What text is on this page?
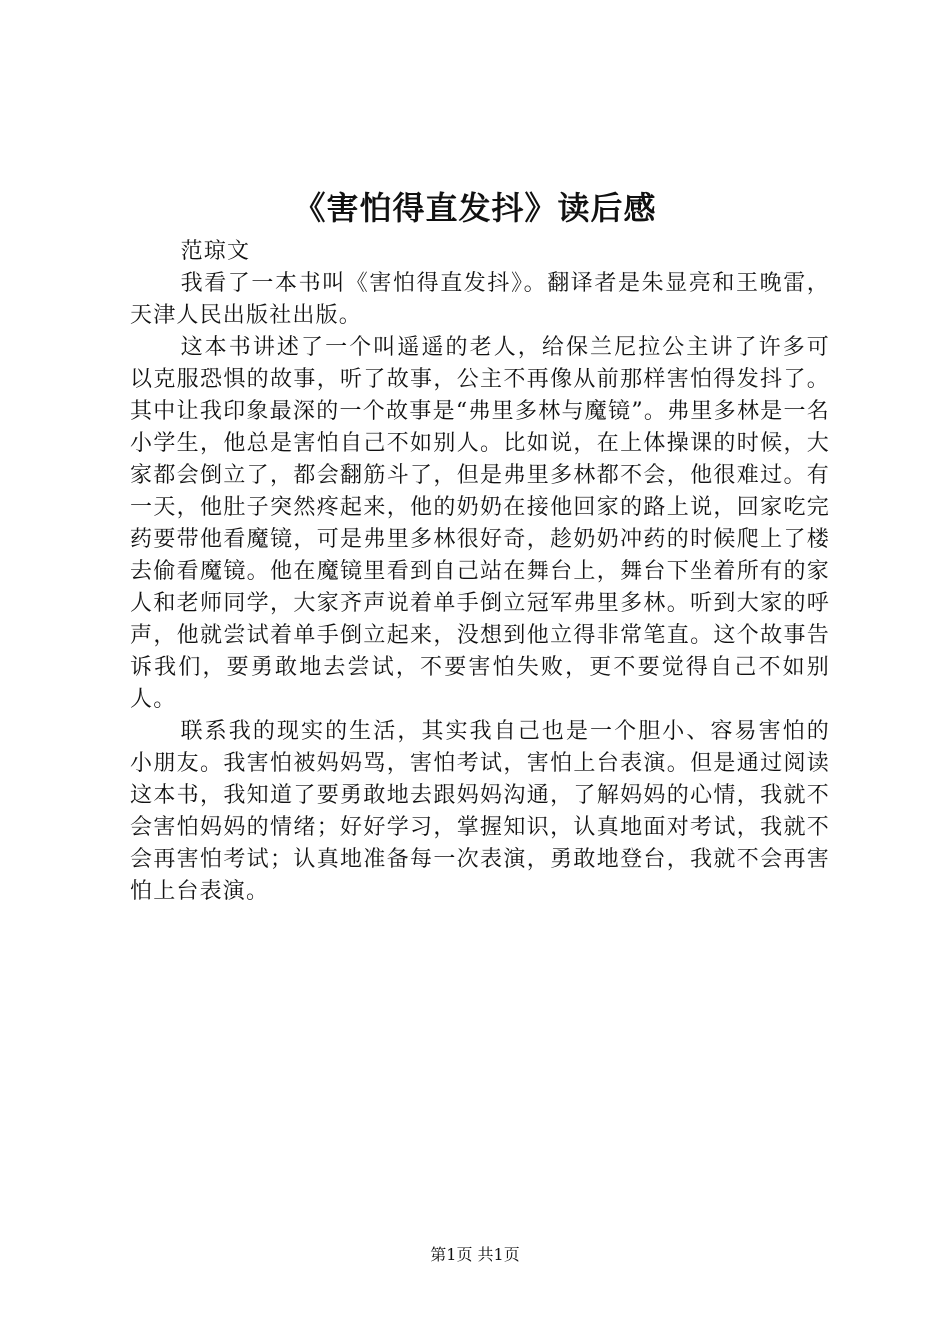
《害怕得直发抖》读后感

范琼文

我看了一本书叫《害怕得直发抖》。翻译者是朱显亮和王晚雷，天津人民出版社出版。

这本书讲述了一个叫遥遥的老人，给保兰尼拉公主讲了许多可以克服恐惧的故事，听了故事，公主不再像从前那样害怕得发抖了。其中让我印象最深的一个故事是“弗里多林与魔镜”。弗里多林是一名小学生，他总是害怕自己不如别人。比如说，在上体操课的时候，大家都会倒立了，都会翻筋斗了，但是弗里多林都不会，他很难过。有一天，他肚子突然疼起来，他的奶奶在接他回家的路上说，回家吃完药要带他看魔镜，可是弗里多林很好奇，趁奶奶冲药的时候爬上了楼去偷看魔镜。他在魔镜里看到自己站在舞台上，舞台下坐着所有的家人和老师同学，大家齐声说着单手倒立冠军弗里多林。听到大家的呼声，他就尝试着单手倒立起来，没想到他立得非常笔直。这个故事告诉我们，要勇敢地去尝试，不要害怕失败，更不要觉得自己不如别人。

联系我的现实的生活，其实我自己也是一个胆小、容易害怕的小朋友。我害怕被妈妈骂，害怕考试，害怕上台表演。但是通过阅读这本书，我知道了要勇敢地去跟妈妈沟通，了解妈妈的心情，我就不会害怕妈妈的情绪；好好学习，掌握知识，认真地面对考试，我就不会再害怕考试；认真地准备每一次表演，勇敢地登台，我就不会再害怕上台表演。

第1页 共1页
